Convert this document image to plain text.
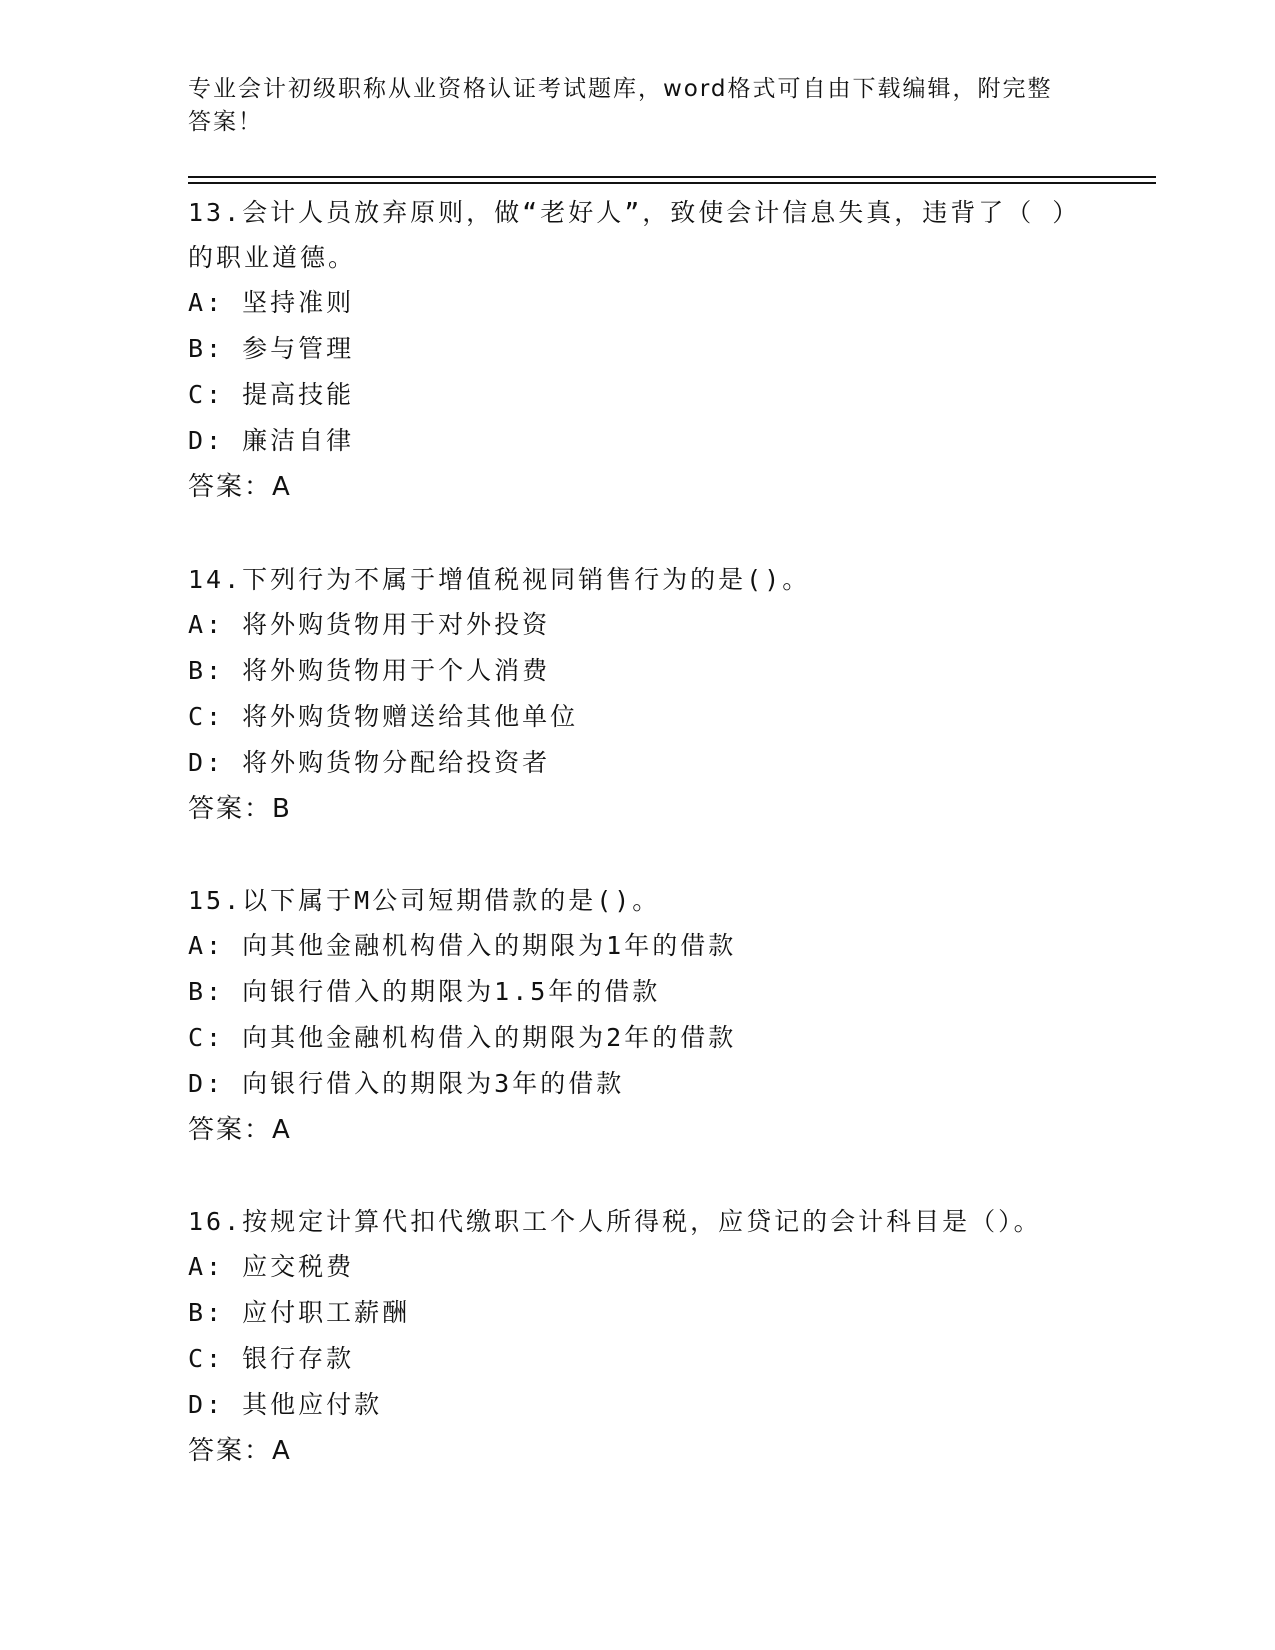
专业会计初级职称从业资格认证考试题库，word格式可自由下载编辑，附完整答案！
13.会计人员放弃原则，做“老好人”，致使会计信息失真，违背了（ ）的职业道德。
A: 坚持准则
B: 参与管理
C: 提高技能
D: 廉洁自律
答案：A
14.下列行为不属于增值税视同销售行为的是()。
A: 将外购货物用于对外投资
B: 将外购货物用于个人消费
C: 将外购货物赠送给其他单位
D: 将外购货物分配给投资者
答案：B
15.以下属于M公司短期借款的是()。
A: 向其他金融机构借入的期限为1年的借款
B: 向银行借入的期限为1.5年的借款
C: 向其他金融机构借入的期限为2年的借款
D: 向银行借入的期限为3年的借款
答案：A
16.按规定计算代扣代缴职工个人所得税，应贷记的会计科目是（）。
A: 应交税费
B: 应付职工薪酬
C: 银行存款
D: 其他应付款
答案：A
